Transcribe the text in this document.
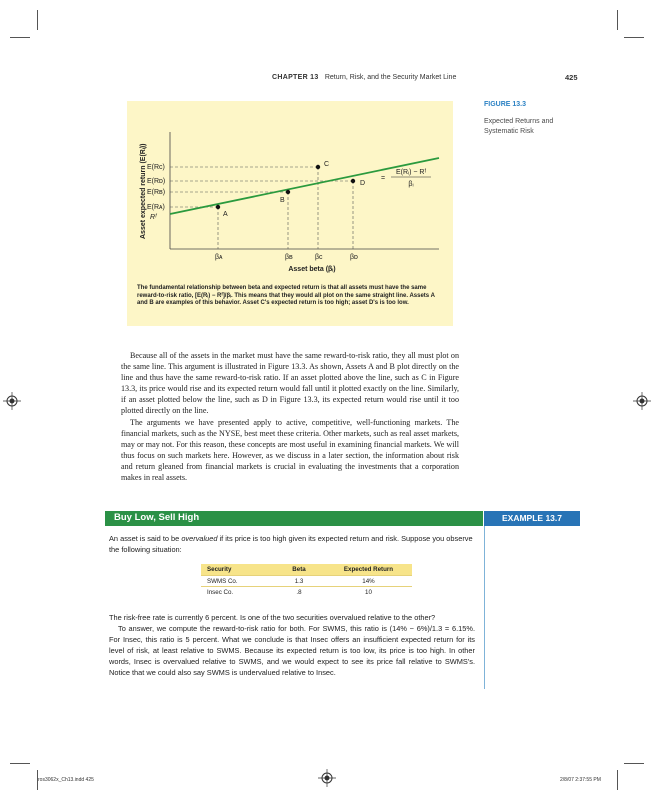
CHAPTER 13 Return, Risk, and the Security Market Line	425
A
B
C
D
E(Rᴄ)
E(Rᴅ)
E(Rʙ)
E(Rᴀ)
Rᶠ
Asset expected return (E(Rᵢ))
βᴀ	βʙ	βᴄ	βᴅ
Asset beta (βᵢ)
E(Rᵢ) − Rᶠ
=
βᵢ
The fundamental relationship between beta and expected return is that all assets must have the same reward-to-risk ratio, [E(Rᵢ) − Rᶠ]/βᵢ. This means that they would all plot on the same straight line. Assets A and B are examples of this behavior. Asset C's expected return is too high; asset D's is too low.
FIGURE 13.3
Expected Returns and Systematic Risk

Because all of the assets in the market must have the same reward-to-risk ratio, they all must plot on the same line. This argument is illustrated in Figure 13.3. As shown, Assets A and B plot directly on the line and thus have the same reward-to-risk ratio. If an asset plotted above the line, such as C in Figure 13.3, its price would rise and its expected return would fall until it plotted exactly on the line. Similarly, if an asset plotted below the line, such as D in Figure 13.3, its expected return would rise until it too plotted directly on the line.

The arguments we have presented apply to active, competitive, well-functioning markets. The financial markets, such as the NYSE, best meet these criteria. Other markets, such as real asset markets, may or may not. For this reason, these concepts are most useful in examining financial markets. We will thus focus on such markets here. However, as we discuss in a later section, the information about risk and return gleaned from financial markets is crucial in evaluating the investments that a corporation makes in real assets.

Buy Low, Sell High	EXAMPLE 13.7
An asset is said to be overvalued if its price is too high given its expected return and risk. Suppose you observe the following situation:
Security	Beta	Expected Return
SWMS Co.	1.3	14%
Insec Co.	.8	10

The risk-free rate is currently 6 percent. Is one of the two securities overvalued relative to the other?

To answer, we compute the reward-to-risk ratio for both. For SWMS, this ratio is (14% − 6%)/1.3 = 6.15%. For Insec, this ratio is 5 percent. What we conclude is that Insec offers an insufficient expected return for its level of risk, at least relative to SWMS. Because its expected return is too low, its price is too high. In other words, Insec is overvalued relative to SWMS, and we would expect to see its price fall relative to SWMS's. Notice that we could also say SWMS is undervalued relative to Insec.

ros3062x_Ch13.indd 425	2/8/07 2:37:55 PM
